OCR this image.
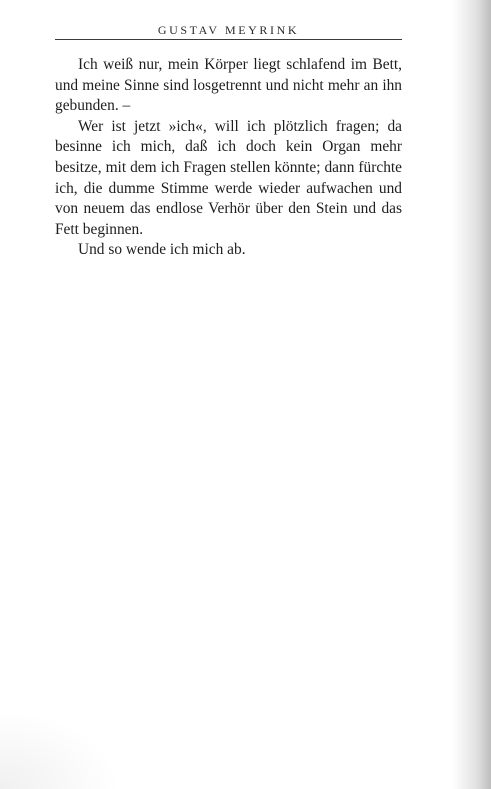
GUSTAV MEYRINK

Ich weiß nur, mein Körper liegt schlafend im Bett, und meine Sinne sind losgetrennt und nicht mehr an ihn gebunden. –

Wer ist jetzt »ich«, will ich plötzlich fragen; da besinne ich mich, daß ich doch kein Organ mehr besitze, mit dem ich Fragen stellen könnte; dann fürchte ich, die dumme Stimme werde wieder aufwachen und von neuem das endlose Verhör über den Stein und das Fett beginnen.

Und so wende ich mich ab.
